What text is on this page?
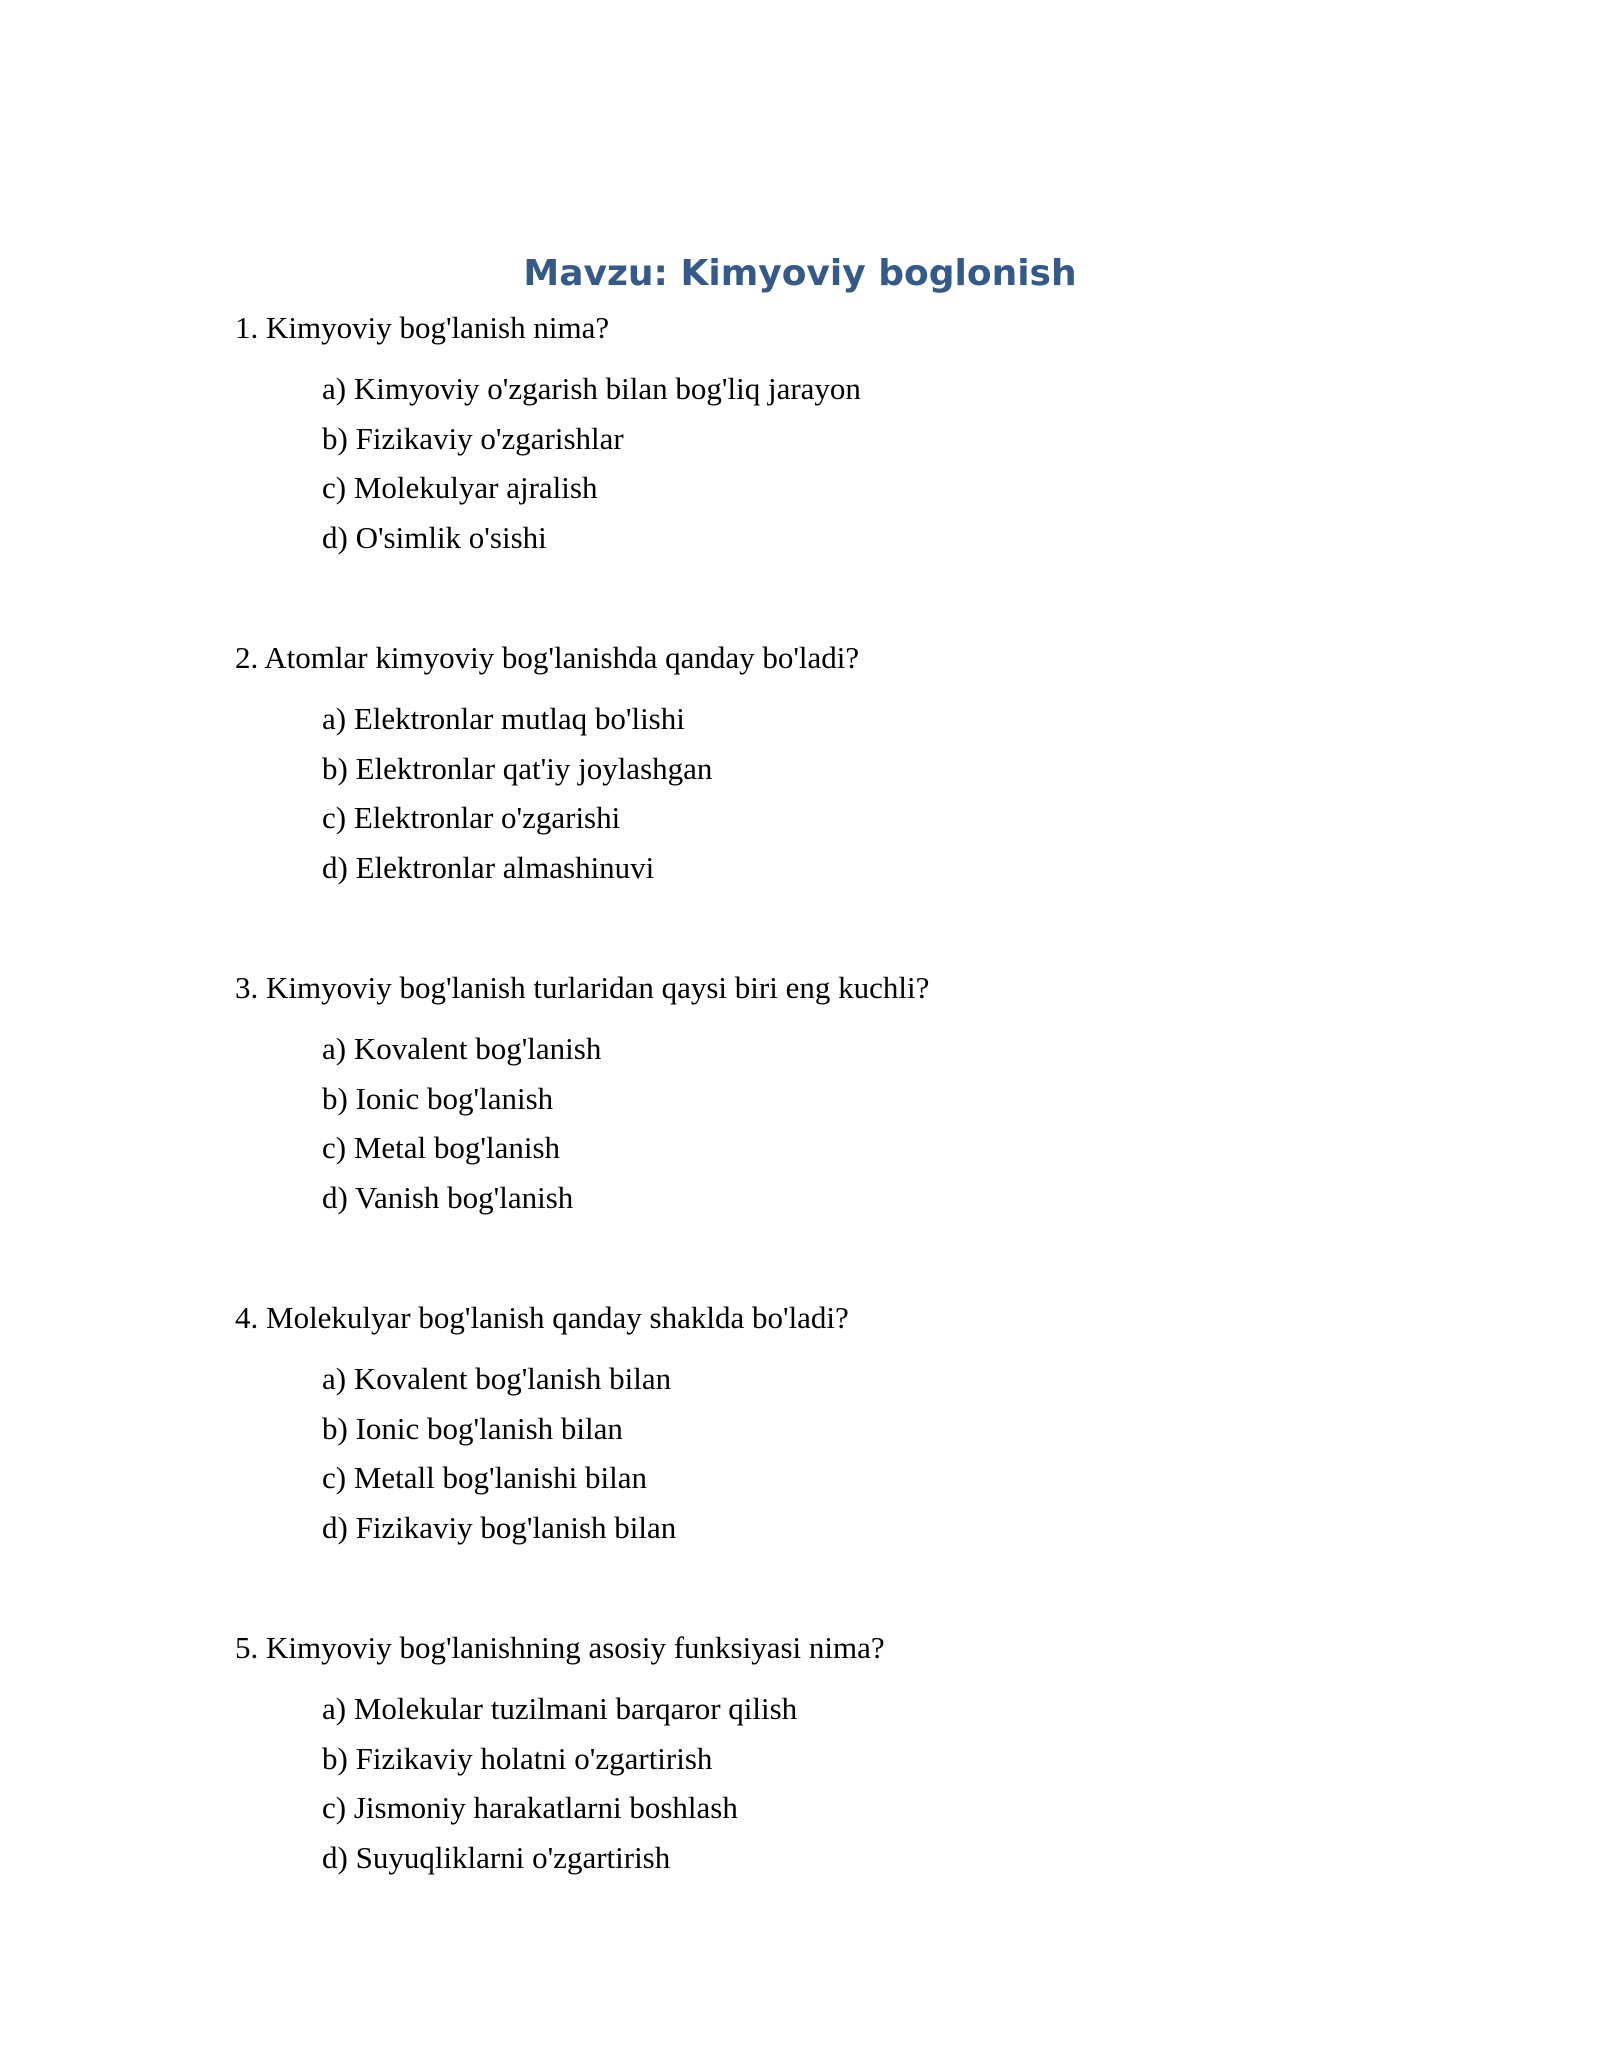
Mavzu: Kimyoviy boglonish

1. Kimyoviy bog'lanish nima?

a) Kimyoviy o'zgarish bilan bog'liq jarayon
b) Fizikaviy o'zgarishlar
c) Molekulyar ajralish
d) O'simlik o'sishi

2. Atomlar kimyoviy bog'lanishda qanday bo'ladi?

a) Elektronlar mutlaq bo'lishi
b) Elektronlar qat'iy joylashgan
c) Elektronlar o'zgarishi
d) Elektronlar almashinuvi

3. Kimyoviy bog'lanish turlaridan qaysi biri eng kuchli?

a) Kovalent bog'lanish
b) Ionic bog'lanish
c) Metal bog'lanish
d) Vanish bog'lanish

4. Molekulyar bog'lanish qanday shaklda bo'ladi?

a) Kovalent bog'lanish bilan
b) Ionic bog'lanish bilan
c) Metall bog'lanishi bilan
d) Fizikaviy bog'lanish bilan

5. Kimyoviy bog'lanishning asosiy funksiyasi nima?

a) Molekular tuzilmani barqaror qilish
b) Fizikaviy holatni o'zgartirish
c) Jismoniy harakatlarni boshlash
d) Suyuqliklarni o'zgartirish
